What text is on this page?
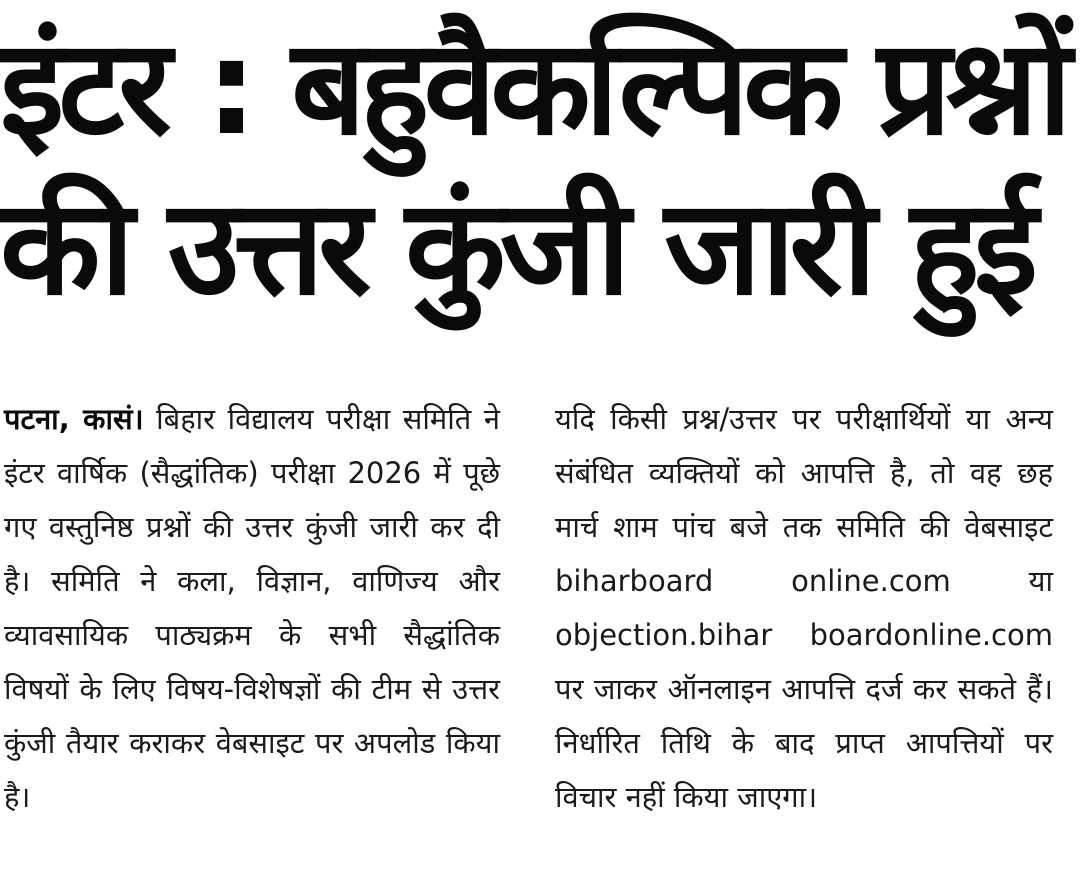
इंटर : बहुवैकल्पिक प्रश्नों
की उत्तर कुंजी जारी हुई

पटना, कासं। बिहार विद्यालय परीक्षा समिति ने इंटर वार्षिक (सैद्धांतिक) परीक्षा 2026 में पूछे गए वस्तुनिष्ठ प्रश्नों की उत्तर कुंजी जारी कर दी है। समिति ने कला, विज्ञान, वाणिज्य और व्यावसायिक पाठ्यक्रम के सभी सैद्धांतिक विषयों के लिए विषय-विशेषज्ञों की टीम से उत्तर कुंजी तैयार कराकर वेबसाइट पर अपलोड किया है।

यदि किसी प्रश्न/उत्तर पर परीक्षार्थियों या अन्य संबंधित व्यक्तियों को आपत्ति है, तो वह छह मार्च शाम पांच बजे तक समिति की वेबसाइट biharboard online.com या objection.bihar boardonline.com पर जाकर ऑनलाइन आपत्ति दर्ज कर सकते हैं। निर्धारित तिथि के बाद प्राप्त आपत्तियों पर विचार नहीं किया जाएगा।
